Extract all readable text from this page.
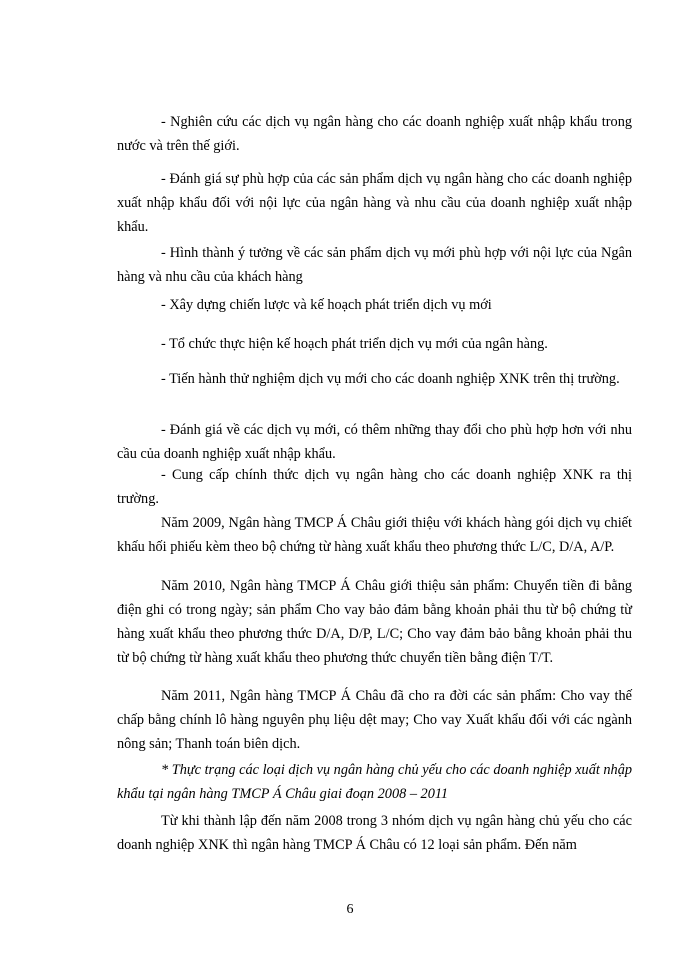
- Nghiên cứu các dịch vụ ngân hàng cho các doanh nghiệp xuất nhập khẩu trong nước và trên thế giới.

- Đánh giá sự phù hợp của các sản phẩm dịch vụ ngân hàng cho các doanh nghiệp xuất nhập khẩu đối với nội lực của ngân hàng và nhu cầu của doanh nghiệp xuất nhập khẩu.

- Hình thành ý tưởng về các sản phẩm dịch vụ mới phù hợp với nội lực của Ngân hàng và nhu cầu của khách hàng

- Xây dựng chiến lược và kế hoạch phát triển dịch vụ mới

- Tổ chức thực hiện kế hoạch phát triển dịch vụ mới của ngân hàng.

- Tiến hành thử nghiệm dịch vụ mới cho các doanh nghiệp XNK trên thị trường.

- Đánh giá về các dịch vụ mới, có thêm những thay đổi cho phù hợp hơn với nhu cầu của doanh nghiệp xuất nhập khẩu.

- Cung cấp chính thức dịch vụ ngân hàng cho các doanh nghiệp XNK ra thị trường.

Năm 2009, Ngân hàng TMCP Á Châu giới thiệu với khách hàng gói dịch vụ chiết khấu hối phiếu kèm theo bộ chứng từ hàng xuất khẩu theo phương thức L/C, D/A, A/P.

Năm 2010, Ngân hàng TMCP Á Châu giới thiệu sản phẩm: Chuyển tiền đi bằng điện ghi có trong ngày; sản phẩm Cho vay bảo đảm bằng khoản phải thu từ bộ chứng từ hàng xuất khẩu theo phương thức D/A, D/P, L/C; Cho vay đảm bảo bằng khoản phải thu từ bộ chứng từ hàng xuất khẩu theo phương thức chuyển tiền bằng điện T/T.

Năm 2011, Ngân hàng TMCP Á Châu đã cho ra đời các sản phẩm: Cho vay thế chấp bằng chính lô hàng nguyên phụ liệu dệt may; Cho vay Xuất khẩu đối với các ngành nông sản; Thanh toán biên dịch.

* Thực trạng các loại dịch vụ ngân hàng chủ yếu cho các doanh nghiệp xuất nhập khẩu tại ngân hàng TMCP Á Châu giai đoạn 2008 – 2011

Từ khi thành lập đến năm 2008 trong 3 nhóm dịch vụ ngân hàng chủ yếu cho các doanh nghiệp XNK thì ngân hàng TMCP Á Châu có 12 loại sản phẩm. Đến năm

6
